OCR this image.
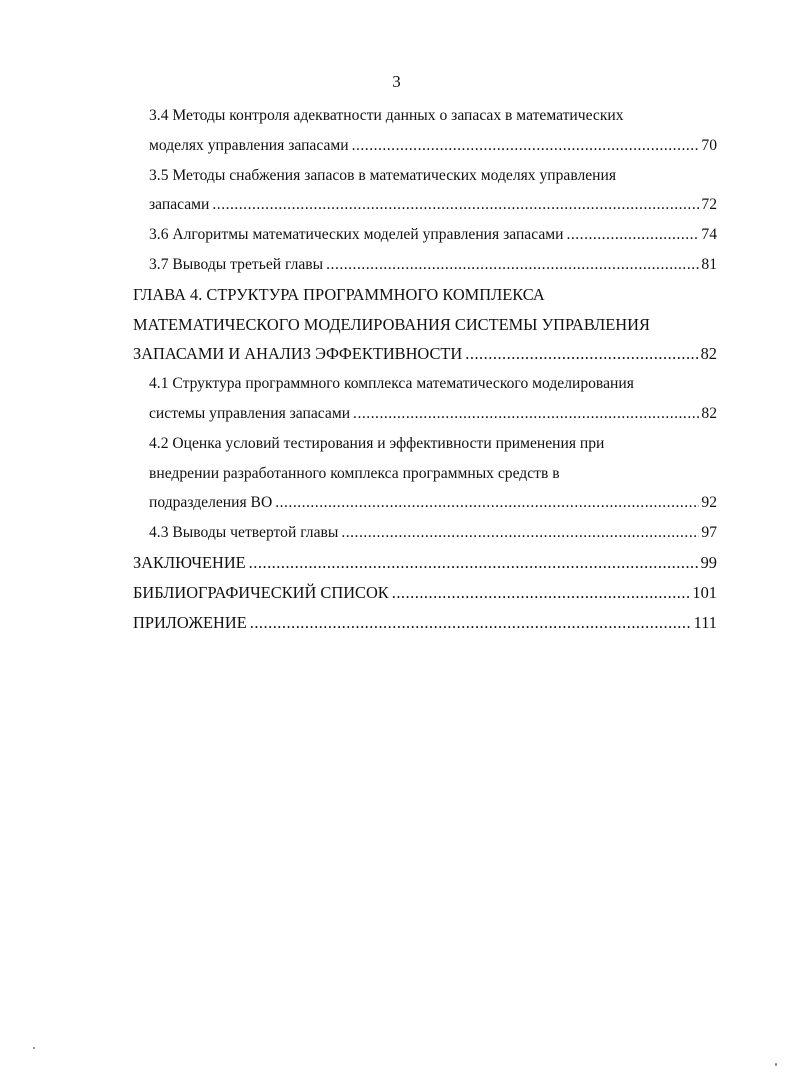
3
3.4 Методы контроля адекватности данных о запасах в математических
моделях управления запасами .....	70
3.5 Методы снабжения запасов в математических моделях управления
запасами .....	72
3.6 Алгоритмы математических моделей управления запасами .....	74
3.7 Выводы третьей главы .....	81
ГЛАВА 4. СТРУКТУРА ПРОГРАММНОГО КОМПЛЕКСА
МАТЕМАТИЧЕСКОГО МОДЕЛИРОВАНИЯ СИСТЕМЫ УПРАВЛЕНИЯ
ЗАПАСАМИ И АНАЛИЗ ЭФФЕКТИВНОСТИ .....	82
4.1 Структура программного комплекса математического моделирования
системы управления запасами .....	82
4.2 Оценка условий тестирования и эффективности применения при
внедрении разработанного комплекса программных средств в
подразделения ВО .....	92
4.3 Выводы четвертой главы .....	97
ЗАКЛЮЧЕНИЕ .....	99
БИБЛИОГРАФИЧЕСКИЙ СПИСОК .....	101
ПРИЛОЖЕНИЕ .....	111
